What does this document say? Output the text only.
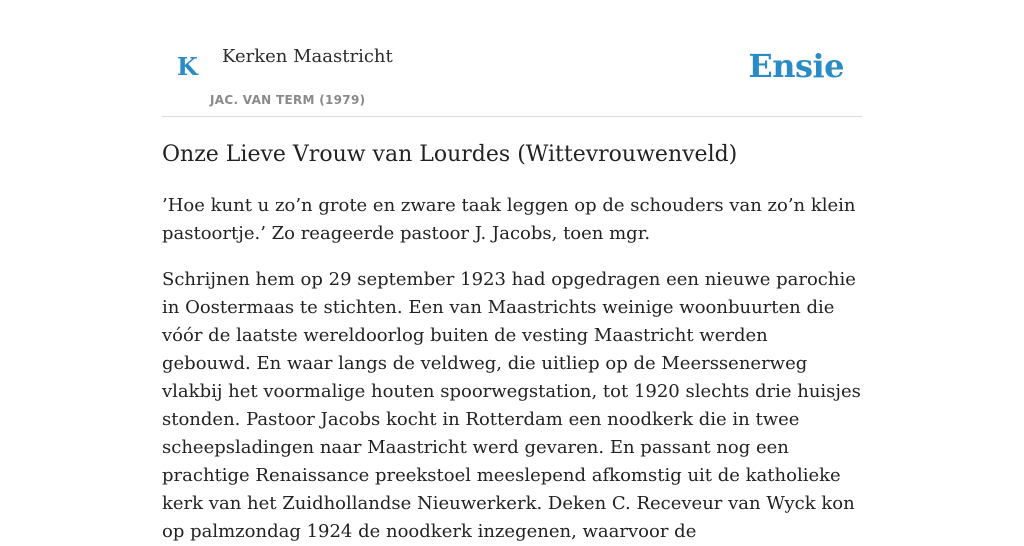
K Kerken Maastricht
JAC. VAN TERM (1979)
Ensie
Onze Lieve Vrouw van Lourdes (Wittevrouwenveld)

’Hoe kunt u zo’n grote en zware taak leggen op de schouders van zo’n klein pastoortje.’ Zo reageerde pastoor J. Jacobs, toen mgr.

Schrijnen hem op 29 september 1923 had opgedragen een nieuwe parochie in Oostermaas te stichten. Een van Maastrichts weinige woonbuurten die vóór de laatste wereldoorlog buiten de vesting Maastricht werden gebouwd. En waar langs de veldweg, die uitliep op de Meerssenerweg vlakbij het voormalige houten spoorwegstation, tot 1920 slechts drie huisjes stonden. Pastoor Jacobs kocht in Rotterdam een noodkerk die in twee scheepsladingen naar Maastricht werd gevaren. En passant nog een prachtige Renaissance preekstoel meeslepend afkomstig uit de katholieke kerk van het Zuidhollandse Nieuwerkerk. Deken C. Receveur van Wyck kon op palmzondag 1924 de noodkerk inzegenen, waarvoor de
